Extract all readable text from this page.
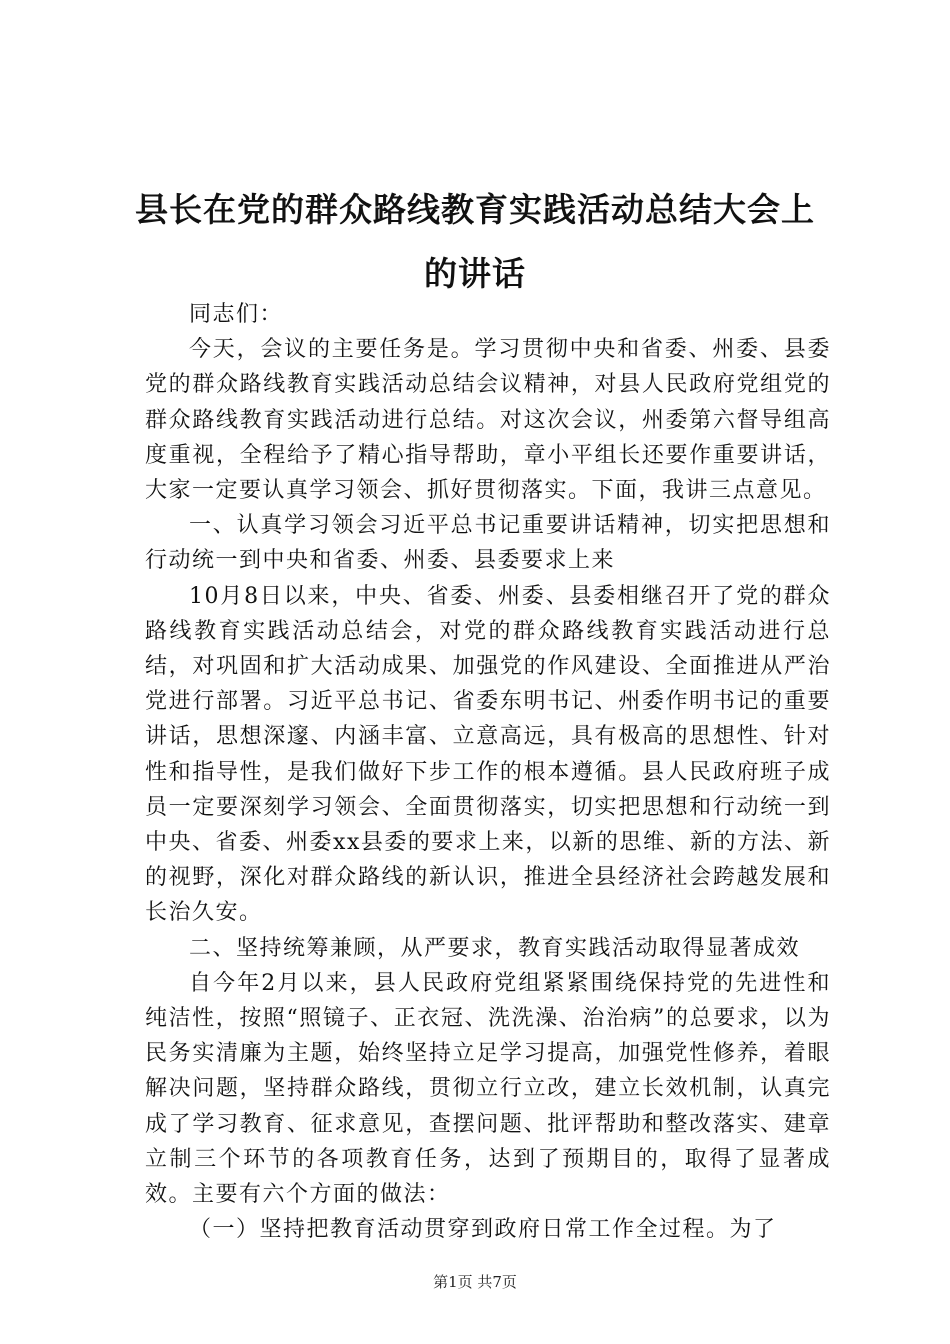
县长在党的群众路线教育实践活动总结大会上的讲话

同志们：

今天，会议的主要任务是。学习贯彻中央和省委、州委、县委党的群众路线教育实践活动总结会议精神，对县人民政府党组党的群众路线教育实践活动进行总结。对这次会议，州委第六督导组高度重视，全程给予了精心指导帮助，章小平组长还要作重要讲话，大家一定要认真学习领会、抓好贯彻落实。下面，我讲三点意见。

一、认真学习领会习近平总书记重要讲话精神，切实把思想和行动统一到中央和省委、州委、县委要求上来

10月8日以来，中央、省委、州委、县委相继召开了党的群众路线教育实践活动总结会，对党的群众路线教育实践活动进行总结，对巩固和扩大活动成果、加强党的作风建设、全面推进从严治党进行部署。习近平总书记、省委东明书记、州委作明书记的重要讲话，思想深邃、内涵丰富、立意高远，具有极高的思想性、针对性和指导性，是我们做好下步工作的根本遵循。县人民政府班子成员一定要深刻学习领会、全面贯彻落实，切实把思想和行动统一到中央、省委、州委xx县委的要求上来，以新的思维、新的方法、新的视野，深化对群众路线的新认识，推进全县经济社会跨越发展和长治久安。

二、坚持统筹兼顾，从严要求，教育实践活动取得显著成效

自今年2月以来，县人民政府党组紧紧围绕保持党的先进性和纯洁性，按照“照镜子、正衣冠、洗洗澡、治治病”的总要求，以为民务实清廉为主题，始终坚持立足学习提高，加强党性修养，着眼解决问题，坚持群众路线，贯彻立行立改，建立长效机制，认真完成了学习教育、征求意见，查摆问题、批评帮助和整改落实、建章立制三个环节的各项教育任务，达到了预期目的，取得了显著成效。主要有六个方面的做法：

（一）坚持把教育活动贯穿到政府日常工作全过程。为了

第1页 共7页
